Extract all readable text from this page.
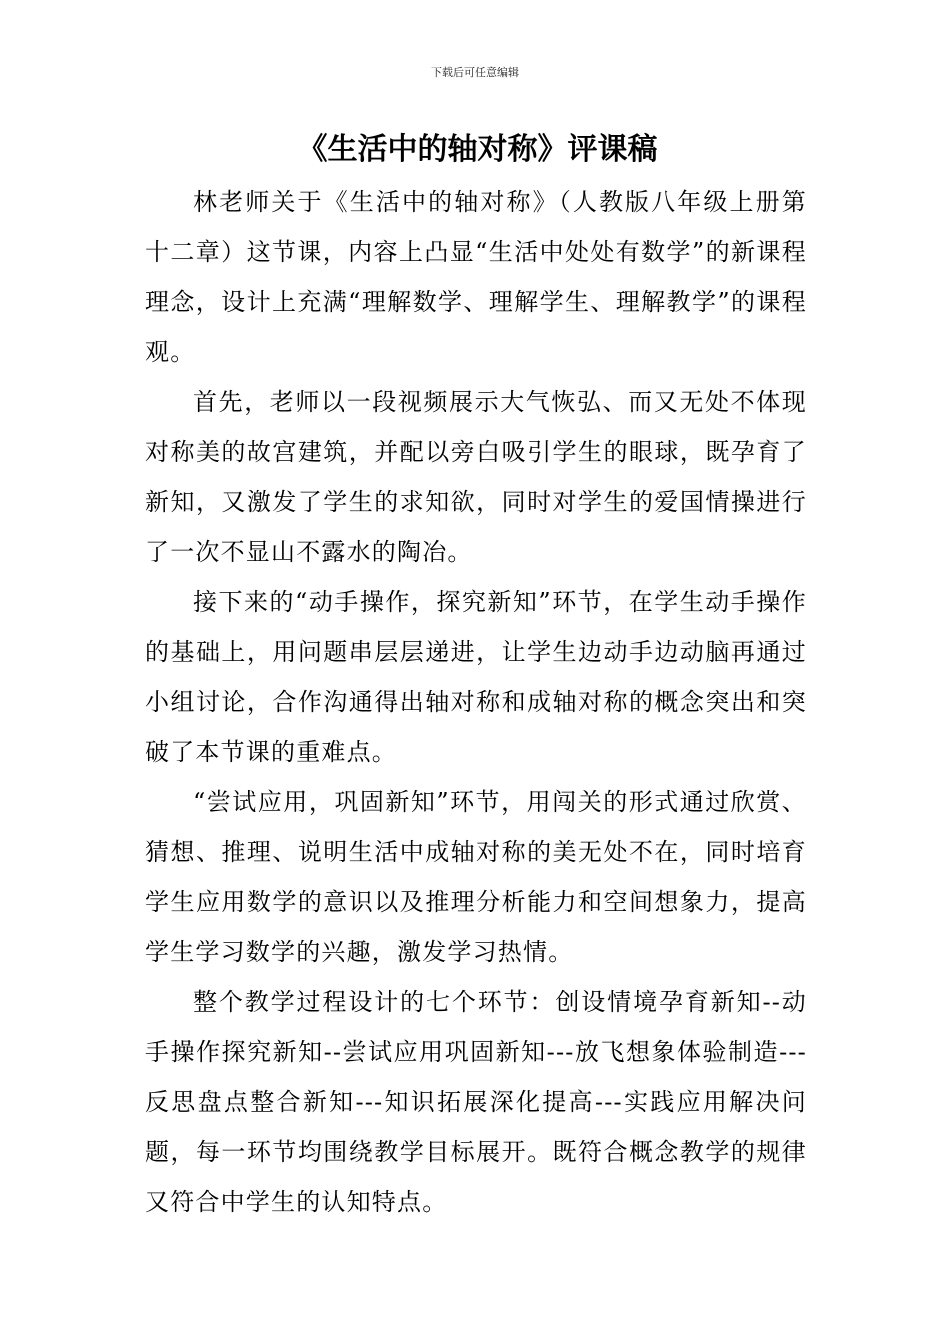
下载后可任意编辑
《生活中的轴对称》评课稿

林老师关于《生活中的轴对称》（人教版八年级上册第十二章）这节课，内容上凸显“生活中处处有数学”的新课程理念，设计上充满“理解数学、理解学生、理解教学”的课程观。

首先，老师以一段视频展示大气恢弘、而又无处不体现对称美的故宫建筑，并配以旁白吸引学生的眼球，既孕育了新知，又激发了学生的求知欲，同时对学生的爱国情操进行了一次不显山不露水的陶冶。

接下来的“动手操作，探究新知”环节，在学生动手操作的基础上，用问题串层层递进，让学生边动手边动脑再通过小组讨论，合作沟通得出轴对称和成轴对称的概念突出和突破了本节课的重难点。

“尝试应用，巩固新知”环节，用闯关的形式通过欣赏、猜想、推理、说明生活中成轴对称的美无处不在，同时培育学生应用数学的意识以及推理分析能力和空间想象力，提高学生学习数学的兴趣，激发学习热情。

整个教学过程设计的七个环节：创设情境孕育新知--动手操作探究新知--尝试应用巩固新知---放飞想象体验制造---反思盘点整合新知---知识拓展深化提高---实践应用解决问题，每一环节均围绕教学目标展开。既符合概念教学的规律又符合中学生的认知特点。
